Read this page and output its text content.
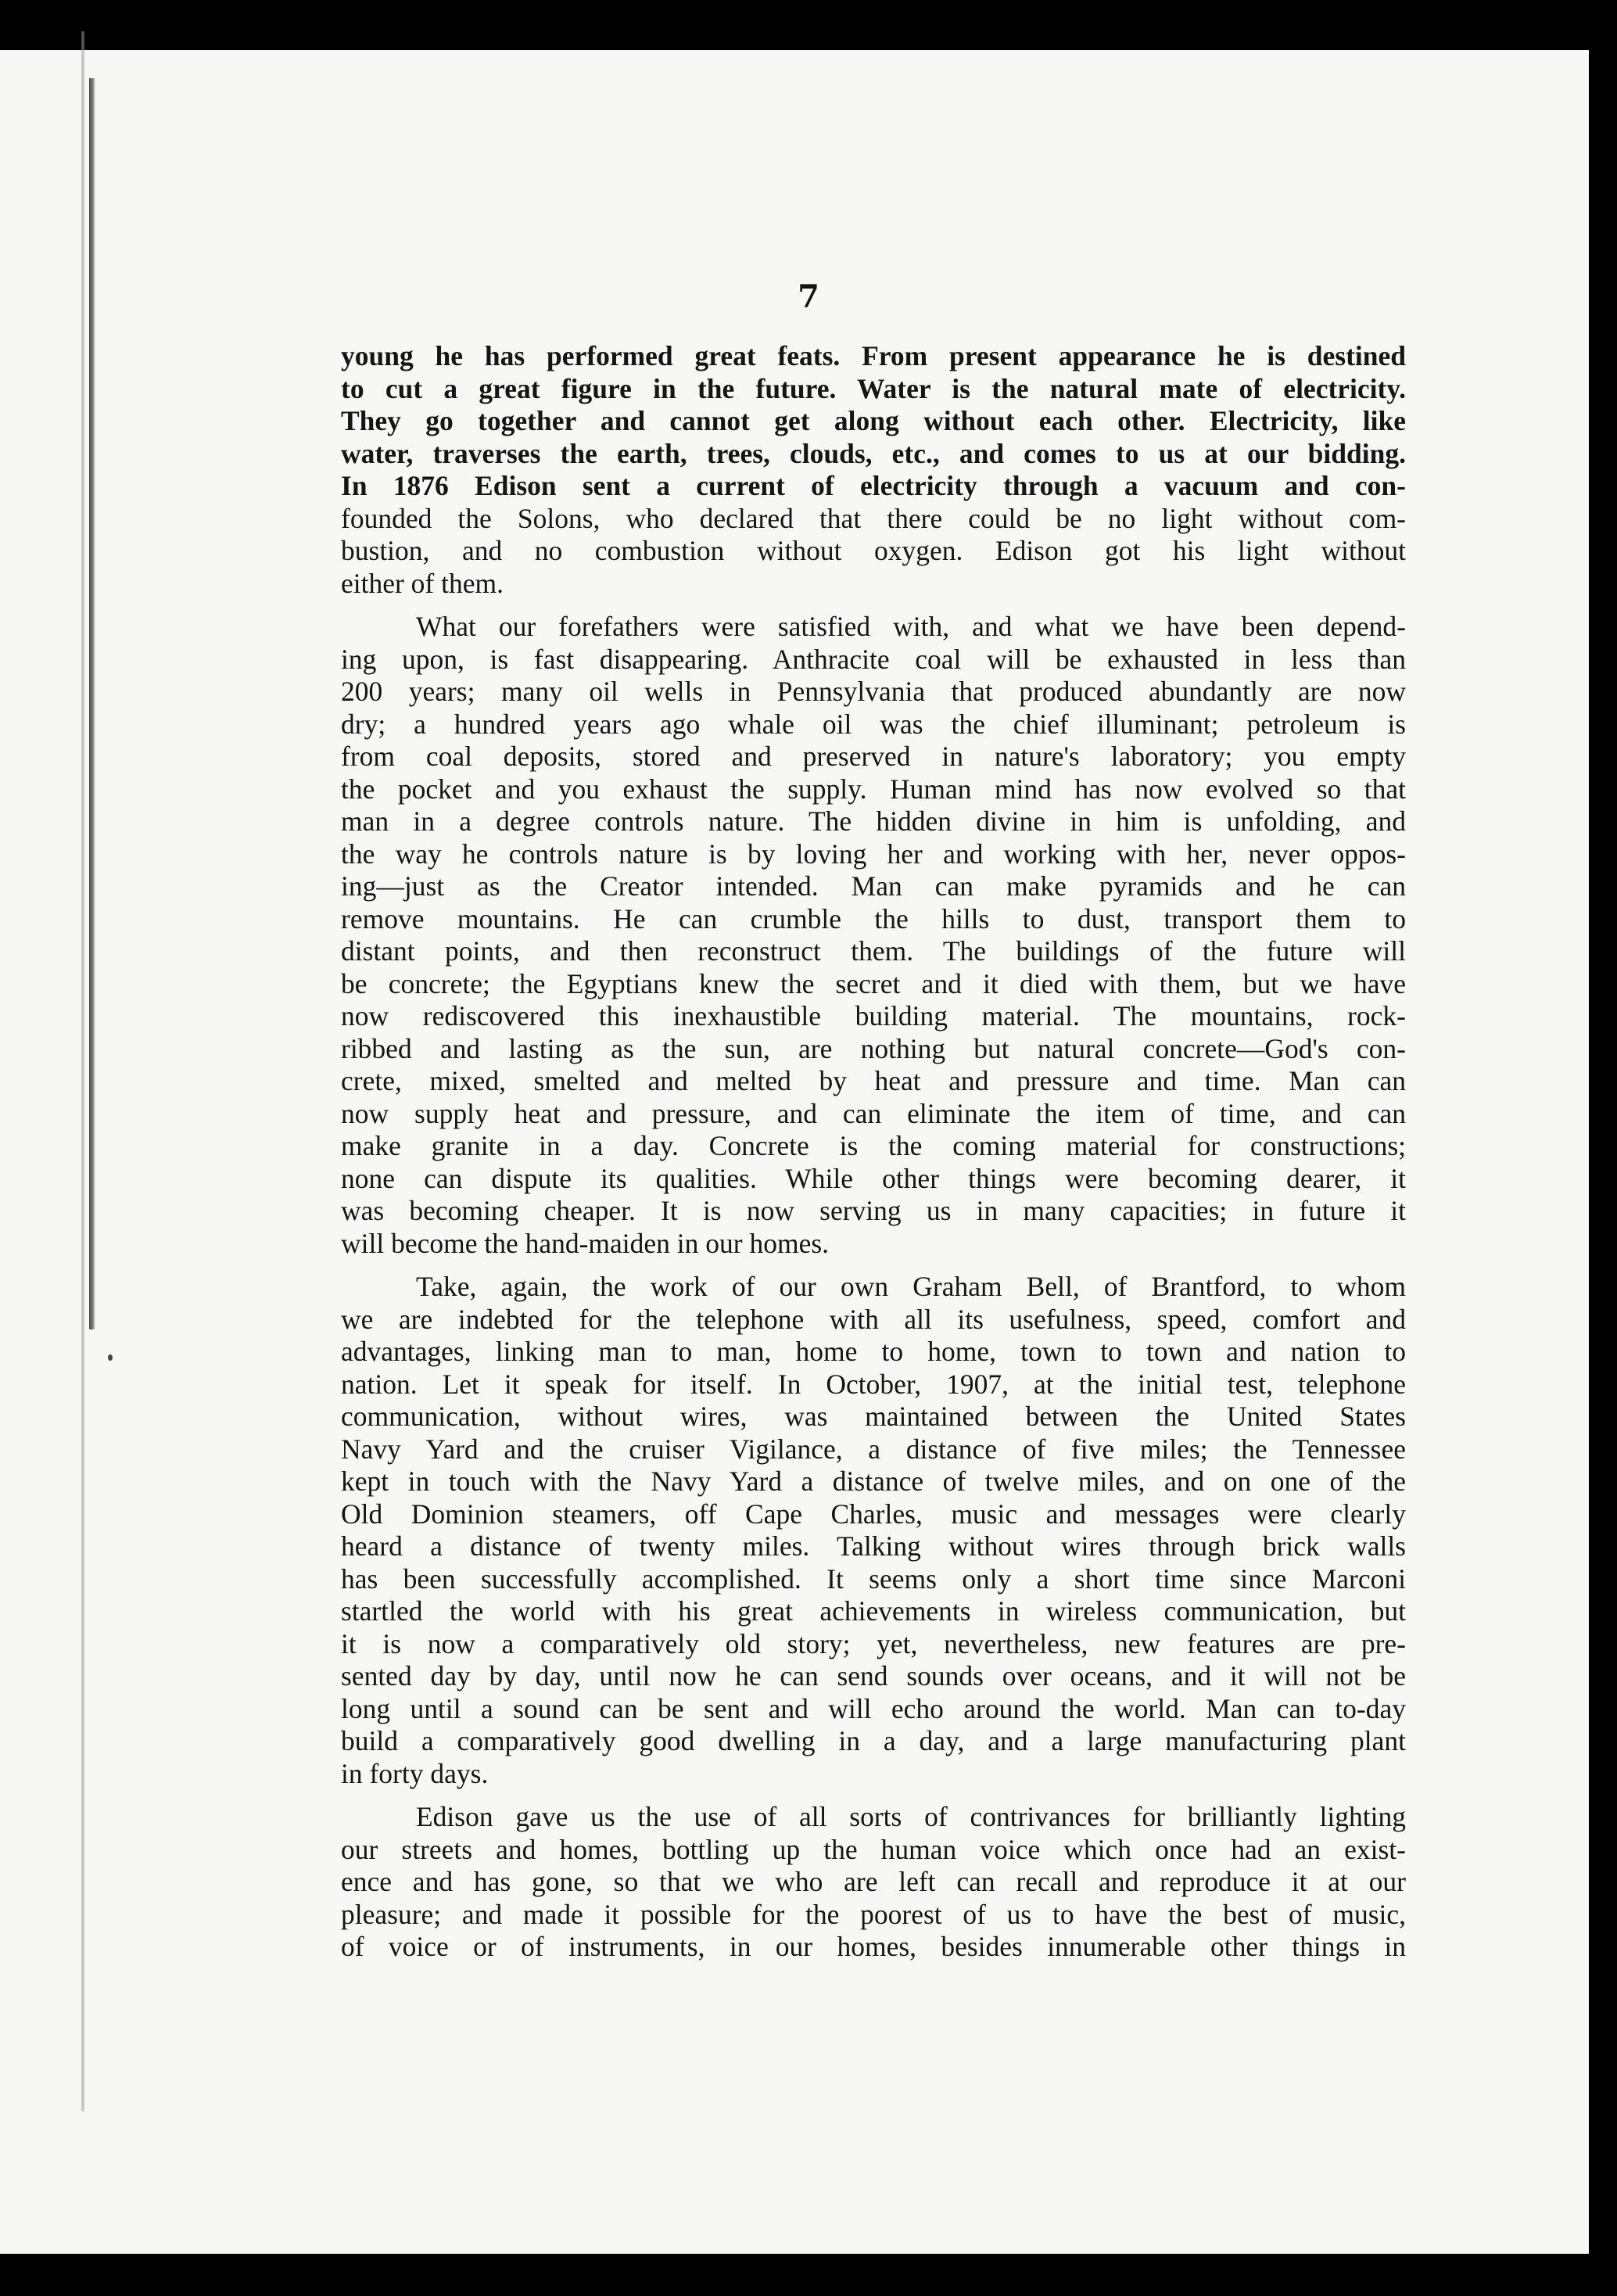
7
young he has performed great feats. From present appearance he is destined
to cut a great figure in the future. Water is the natural mate of electricity.
They go together and cannot get along without each other. Electricity, like
water, traverses the earth, trees, clouds, etc., and comes to us at our bidding.
In 1876 Edison sent a current of electricity through a vacuum and con-
founded the Solons, who declared that there could be no light without com-
bustion, and no combustion without oxygen. Edison got his light without
either of them.
What our forefathers were satisfied with, and what we have been depend-
ing upon, is fast disappearing. Anthracite coal will be exhausted in less than
200 years; many oil wells in Pennsylvania that produced abundantly are now
dry; a hundred years ago whale oil was the chief illuminant; petroleum is
from coal deposits, stored and preserved in nature's laboratory; you empty
the pocket and you exhaust the supply. Human mind has now evolved so that
man in a degree controls nature. The hidden divine in him is unfolding, and
the way he controls nature is by loving her and working with her, never oppos-
ing—just as the Creator intended. Man can make pyramids and he can
remove mountains. He can crumble the hills to dust, transport them to
distant points, and then reconstruct them. The buildings of the future will
be concrete; the Egyptians knew the secret and it died with them, but we have
now rediscovered this inexhaustible building material. The mountains, rock-
ribbed and lasting as the sun, are nothing but natural concrete—God's con-
crete, mixed, smelted and melted by heat and pressure and time. Man can
now supply heat and pressure, and can eliminate the item of time, and can
make granite in a day. Concrete is the coming material for constructions;
none can dispute its qualities. While other things were becoming dearer, it
was becoming cheaper. It is now serving us in many capacities; in future it
will become the hand-maiden in our homes.
Take, again, the work of our own Graham Bell, of Brantford, to whom
we are indebted for the telephone with all its usefulness, speed, comfort and
advantages, linking man to man, home to home, town to town and nation to
nation. Let it speak for itself. In October, 1907, at the initial test, telephone
communication, without wires, was maintained between the United States
Navy Yard and the cruiser Vigilance, a distance of five miles; the Tennessee
kept in touch with the Navy Yard a distance of twelve miles, and on one of the
Old Dominion steamers, off Cape Charles, music and messages were clearly
heard a distance of twenty miles. Talking without wires through brick walls
has been successfully accomplished. It seems only a short time since Marconi
startled the world with his great achievements in wireless communication, but
it is now a comparatively old story; yet, nevertheless, new features are pre-
sented day by day, until now he can send sounds over oceans, and it will not be
long until a sound can be sent and will echo around the world. Man can to-day
build a comparatively good dwelling in a day, and a large manufacturing plant
in forty days.
Edison gave us the use of all sorts of contrivances for brilliantly lighting
our streets and homes, bottling up the human voice which once had an exist-
ence and has gone, so that we who are left can recall and reproduce it at our
pleasure; and made it possible for the poorest of us to have the best of music,
of voice or of instruments, in our homes, besides innumerable other things in
